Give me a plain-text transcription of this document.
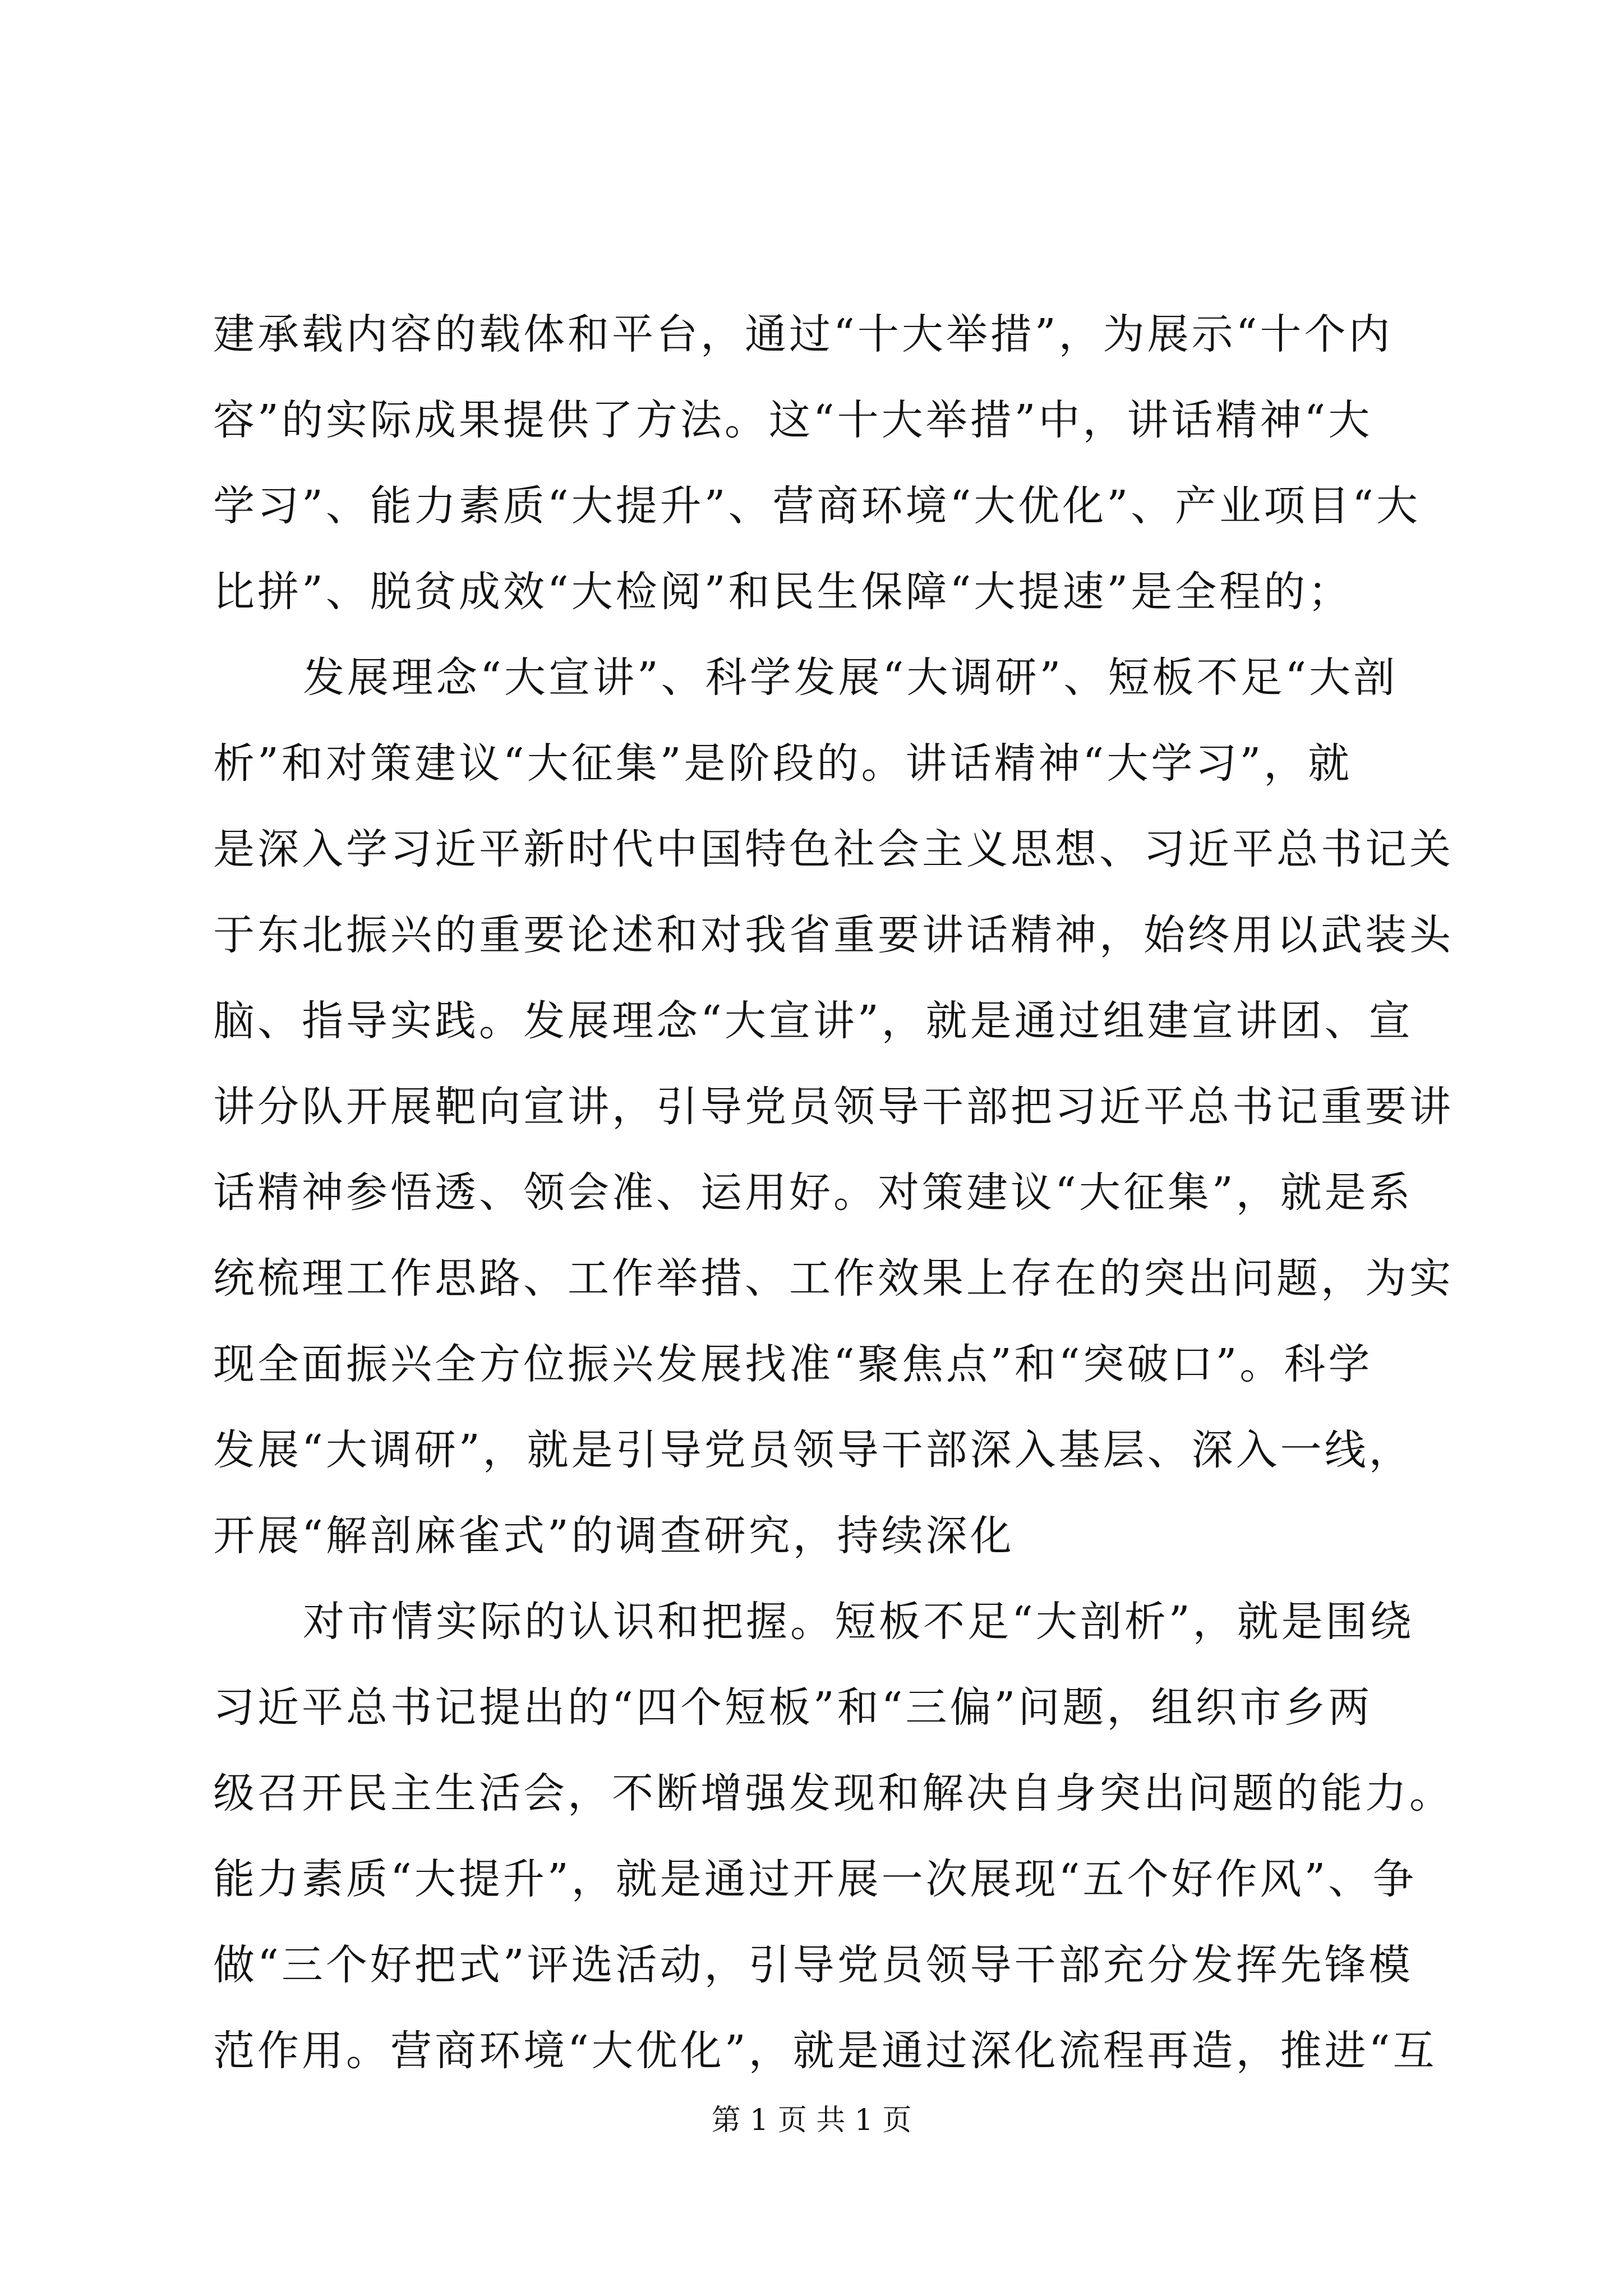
建承载内容的载体和平台，通过“十大举措”，为展示“十个内
容”的实际成果提供了方法。这“十大举措”中，讲话精神“大
学习”、能力素质“大提升”、营商环境“大优化”、产业项目“大
比拼”、脱贫成效“大检阅”和民生保障“大提速”是全程的；
发展理念“大宣讲”、科学发展“大调研”、短板不足“大剖
析”和对策建议“大征集”是阶段的。讲话精神“大学习”，就
是深入学习近平新时代中国特色社会主义思想、习近平总书记关
于东北振兴的重要论述和对我省重要讲话精神，始终用以武装头
脑、指导实践。发展理念“大宣讲”，就是通过组建宣讲团、宣
讲分队开展靶向宣讲，引导党员领导干部把习近平总书记重要讲
话精神参悟透、领会准、运用好。对策建议“大征集”，就是系
统梳理工作思路、工作举措、工作效果上存在的突出问题，为实
现全面振兴全方位振兴发展找准“聚焦点”和“突破口”。科学
发展“大调研”，就是引导党员领导干部深入基层、深入一线，
开展“解剖麻雀式”的调查研究，持续深化
对市情实际的认识和把握。短板不足“大剖析”，就是围绕
习近平总书记提出的“四个短板”和“三偏”问题，组织市乡两
级召开民主生活会，不断增强发现和解决自身突出问题的能力。
能力素质“大提升”，就是通过开展一次展现“五个好作风”、争
做“三个好把式”评选活动，引导党员领导干部充分发挥先锋模
范作用。营商环境“大优化”，就是通过深化流程再造，推进“互
第 1 页 共 1 页
